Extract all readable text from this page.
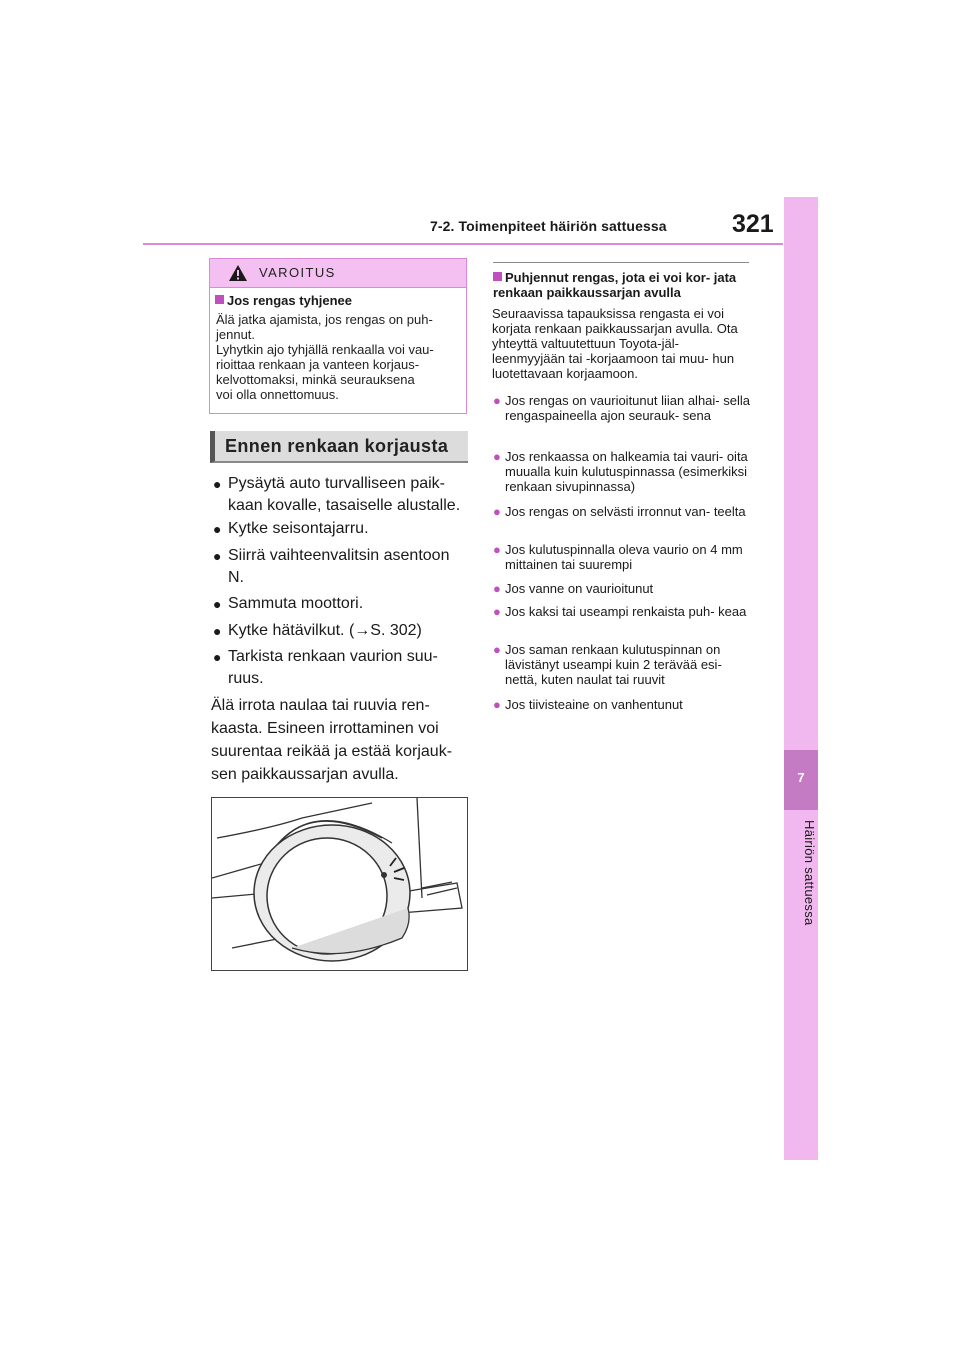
7-2. Toimenpiteet häiriön sattuessa	321
7
Häiriön sattuessa
VAROITUS
Jos rengas tyhjenee
Älä jatka ajamista, jos rengas on puh-
jennut.
Lyhytkin ajo tyhjällä renkaalla voi vau-
rioittaa renkaan ja vanteen korjaus-
kelvottomaksi, minkä seurauksena
voi olla onnettomuus.
Ennen renkaan korjausta
● Pysäytä auto turvalliseen paik- kaan kovalle, tasaiselle alustalle.
● Kytke seisontajarru.
● Siirrä vaihteenvalitsin asentoon N.
● Sammuta moottori.
● Kytke hätävilkut. (→S. 302)
● Tarkista renkaan vaurion suu- ruus.
Älä irrota naulaa tai ruuvia ren- kaasta. Esineen irrottaminen voi suurentaa reikää ja estää korjauk- sen paikkaussarjan avulla.
Puhjennut rengas, jota ei voi kor- jata renkaan paikkaussarjan avulla
Seuraavissa tapauksissa rengasta ei voi korjata renkaan paikkaussarjan avulla. Ota yhteyttä valtuutettuun Toyota-jäl- leenmyyjään tai -korjaamoon tai muu- hun luotettavaan korjaamoon.
● Jos rengas on vaurioitunut liian alhai- sella rengaspaineella ajon seurauk- sena
● Jos renkaassa on halkeamia tai vauri- oita muualla kuin kulutuspinnassa (esimerkiksi renkaan sivupinnassa)
● Jos rengas on selvästi irronnut van- teelta
● Jos kulutuspinnalla oleva vaurio on 4 mm mittainen tai suurempi
● Jos vanne on vaurioitunut
● Jos kaksi tai useampi renkaista puh- keaa
● Jos saman renkaan kulutuspinnan on lävistänyt useampi kuin 2 terävää esi- nettä, kuten naulat tai ruuvit
● Jos tiivisteaine on vanhentunut
